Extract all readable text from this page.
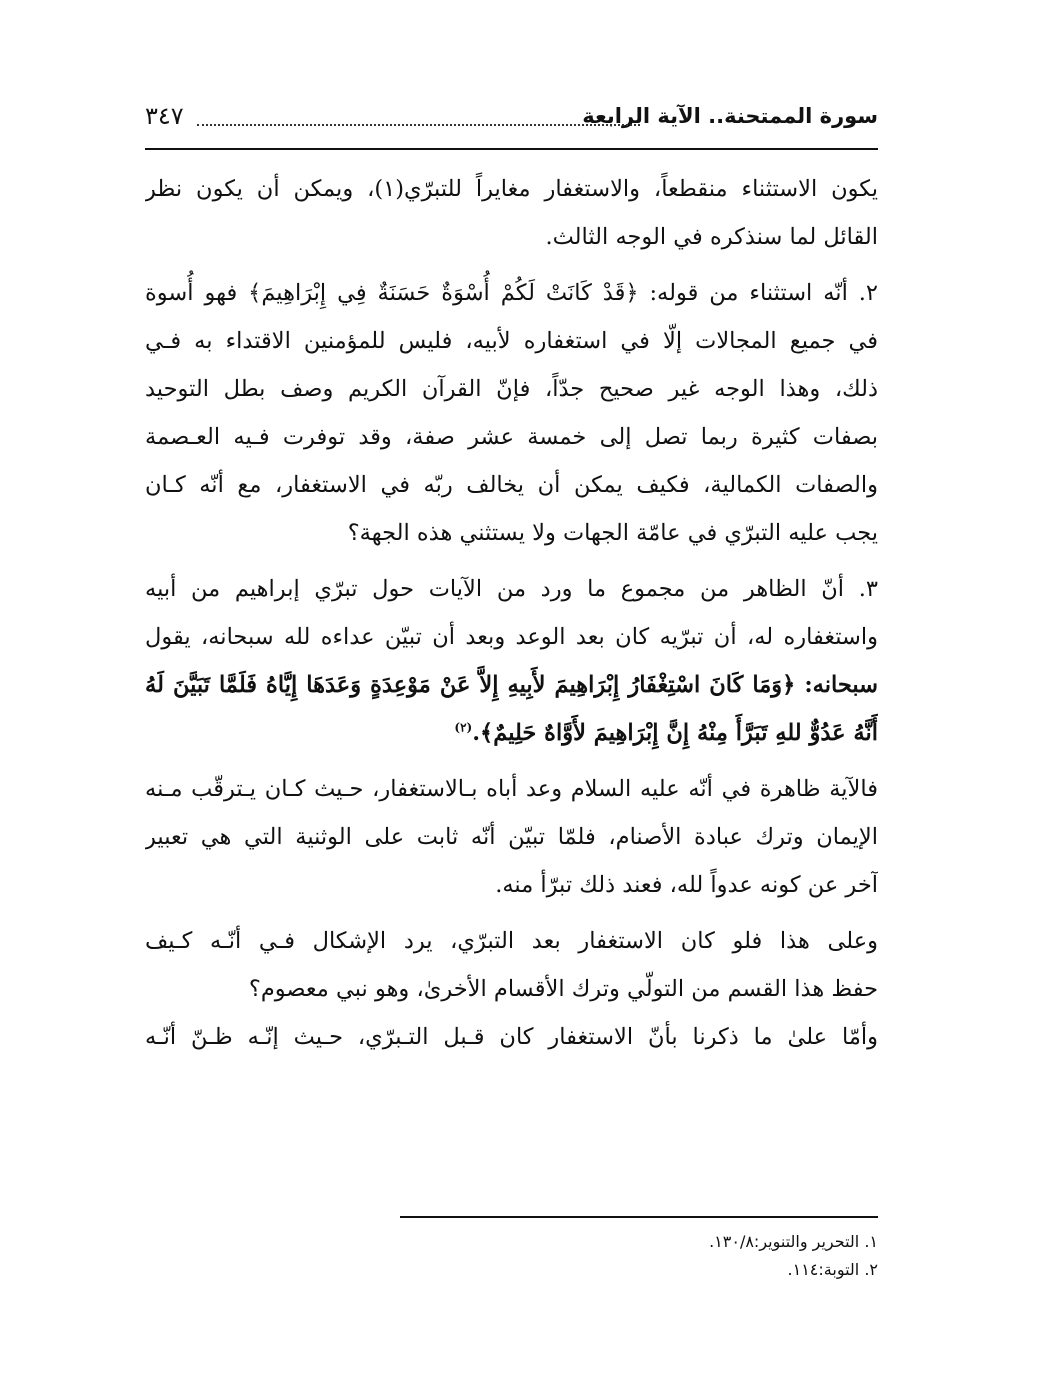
سورة الممتحنة.. الآية الرابعة
٣٤٧
يكون الاستثناء منقطعاً، والاستغفار مغايراً للتبرّي(١)، ويمكن أن يكون نظر
القائل لما سنذكره في الوجه الثالث.
٢. أنّه استثناء من قوله: ﴿قَدْ كَانَتْ لَكُمْ أُسْوَةٌ حَسَنَةٌ فِي إِبْرَاهِيمَ﴾ فهو أُسوة
في جميع المجالات إلّا في استغفاره لأبيه، فليس للمؤمنين الاقتداء به فـي
ذلك، وهذا الوجه غير صحيح جدّاً، فإنّ القرآن الكريم وصف بطل التوحيد
بصفات كثيرة ربما تصل إلى خمسة عشر صفة، وقد توفرت فـيه العـصمة
والصفات الكمالية، فكيف يمكن أن يخالف ربّه في الاستغفار، مع أنّه كـان
يجب عليه التبرّي في عامّة الجهات ولا يستثني هذه الجهة؟
٣. أنّ الظاهر من مجموع ما ورد من الآيات حول تبرّي إبراهيم من أبيه
واستغفاره له، أن تبرّيه كان بعد الوعد وبعد أن تبيّن عداءه لله سبحانه، يقول
سبحانه: ﴿وَمَا كَانَ اسْتِغْفَارُ إِبْرَاهِيمَ لأَبِيهِ إِلاَّ عَنْ مَوْعِدَةٍ وَعَدَهَا إِيَّاهُ فَلَمَّا تَبَيَّنَ لَهُ
أَنَّهُ عَدُوٌّ للهِ تَبَرَّأَ مِنْهُ إِنَّ إِبْرَاهِيمَ لأَوَّاهٌ حَلِيمٌ﴾.$^{(٢)}$
فالآية ظاهرة في أنّه عليه السلام وعد أباه بـالاستغفار، حـيث كـان يـترقّب مـنه
الإيمان وترك عبادة الأصنام، فلمّا تبيّن أنّه ثابت على الوثنية التي هي تعبير
آخر عن كونه عدواً لله، فعند ذلك تبرّأ منه.
وعلى هذا فلو كان الاستغفار بعد التبرّي، يرد الإشكال فـي أنّـه كـيف
حفظ هذا القسم من التولّي وترك الأقسام الأخرىٰ، وهو نبي معصوم؟
وأمّا علىٰ ما ذكرنا بأنّ الاستغفار كان قـبل التـبرّي، حـيث إنّـه ظـنّ أنّـه
١. التحرير والتنوير:١٣٠/٨.
٢. التوبة:١١٤.
